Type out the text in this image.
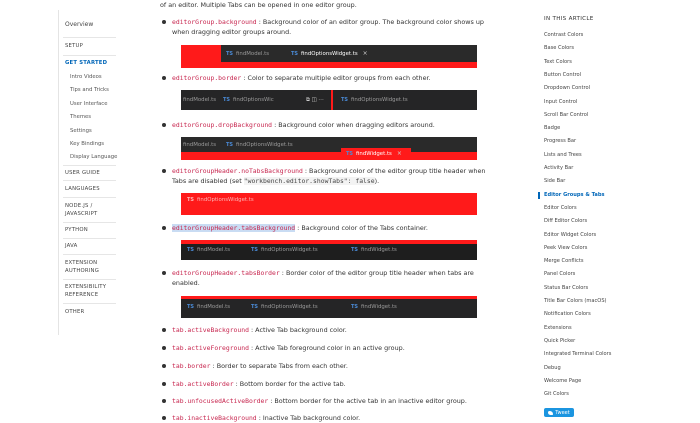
Overview
SETUP
GET STARTED
Intro Videos
Tips and Tricks
User Interface
Themes
Settings
Key Bindings
Display Language
USER GUIDE
LANGUAGES
NODE.JS /
JAVASCRIPT
PYTHON
JAVA
EXTENSION
AUTHORING
EXTENSIBILITY
REFERENCE
OTHER
of an editor. Multiple Tabs can be opened in one editor group.
editorGroup.background : Background color of an editor group. The background color shows up
when dragging editor groups around.
TS findModel.ts	TS findOptionsWidget.ts ×
editorGroup.border : Color to separate multiple editor groups from each other.
findModel.ts TS findOptionsWic	⧉ ◫ ⋯	TS findOptionsWidget.ts
editorGroup.dropBackground : Background color when dragging editors around.
findModel.ts TS findOptionsWidget.ts
TS findWidget.ts ×
editorGroupHeader.noTabsBackground : Background color of the editor group title header when
Tabs are disabled (set "workbench.editor.showTabs": false).
TS findOptionsWidget.ts
editorGroupHeader.tabsBackground : Background color of the Tabs container.
TS findModel.ts	TS findOptionsWidget.ts	TS findWidget.ts
editorGroupHeader.tabsBorder : Border color of the editor group title header when tabs are
enabled.
TS findModel.ts	TS findOptionsWidget.ts	TS findWidget.ts
tab.activeBackground : Active Tab background color.
tab.activeForeground : Active Tab foreground color in an active group.
tab.border : Border to separate Tabs from each other.
tab.activeBorder : Bottom border for the active tab.
tab.unfocusedActiveBorder : Bottom border for the active tab in an inactive editor group.
tab.inactiveBackground : Inactive Tab background color.
IN THIS ARTICLE
Contrast Colors
Base Colors
Text Colors
Button Control
Dropdown Control
Input Control
Scroll Bar Control
Badge
Progress Bar
Lists and Trees
Activity Bar
Side Bar
Editor Groups & Tabs
Editor Colors
Diff Editor Colors
Editor Widget Colors
Peek View Colors
Merge Conflicts
Panel Colors
Status Bar Colors
Title Bar Colors (macOS)
Notification Colors
Extensions
Quick Picker
Integrated Terminal Colors
Debug
Welcome Page
Git Colors
Tweet
